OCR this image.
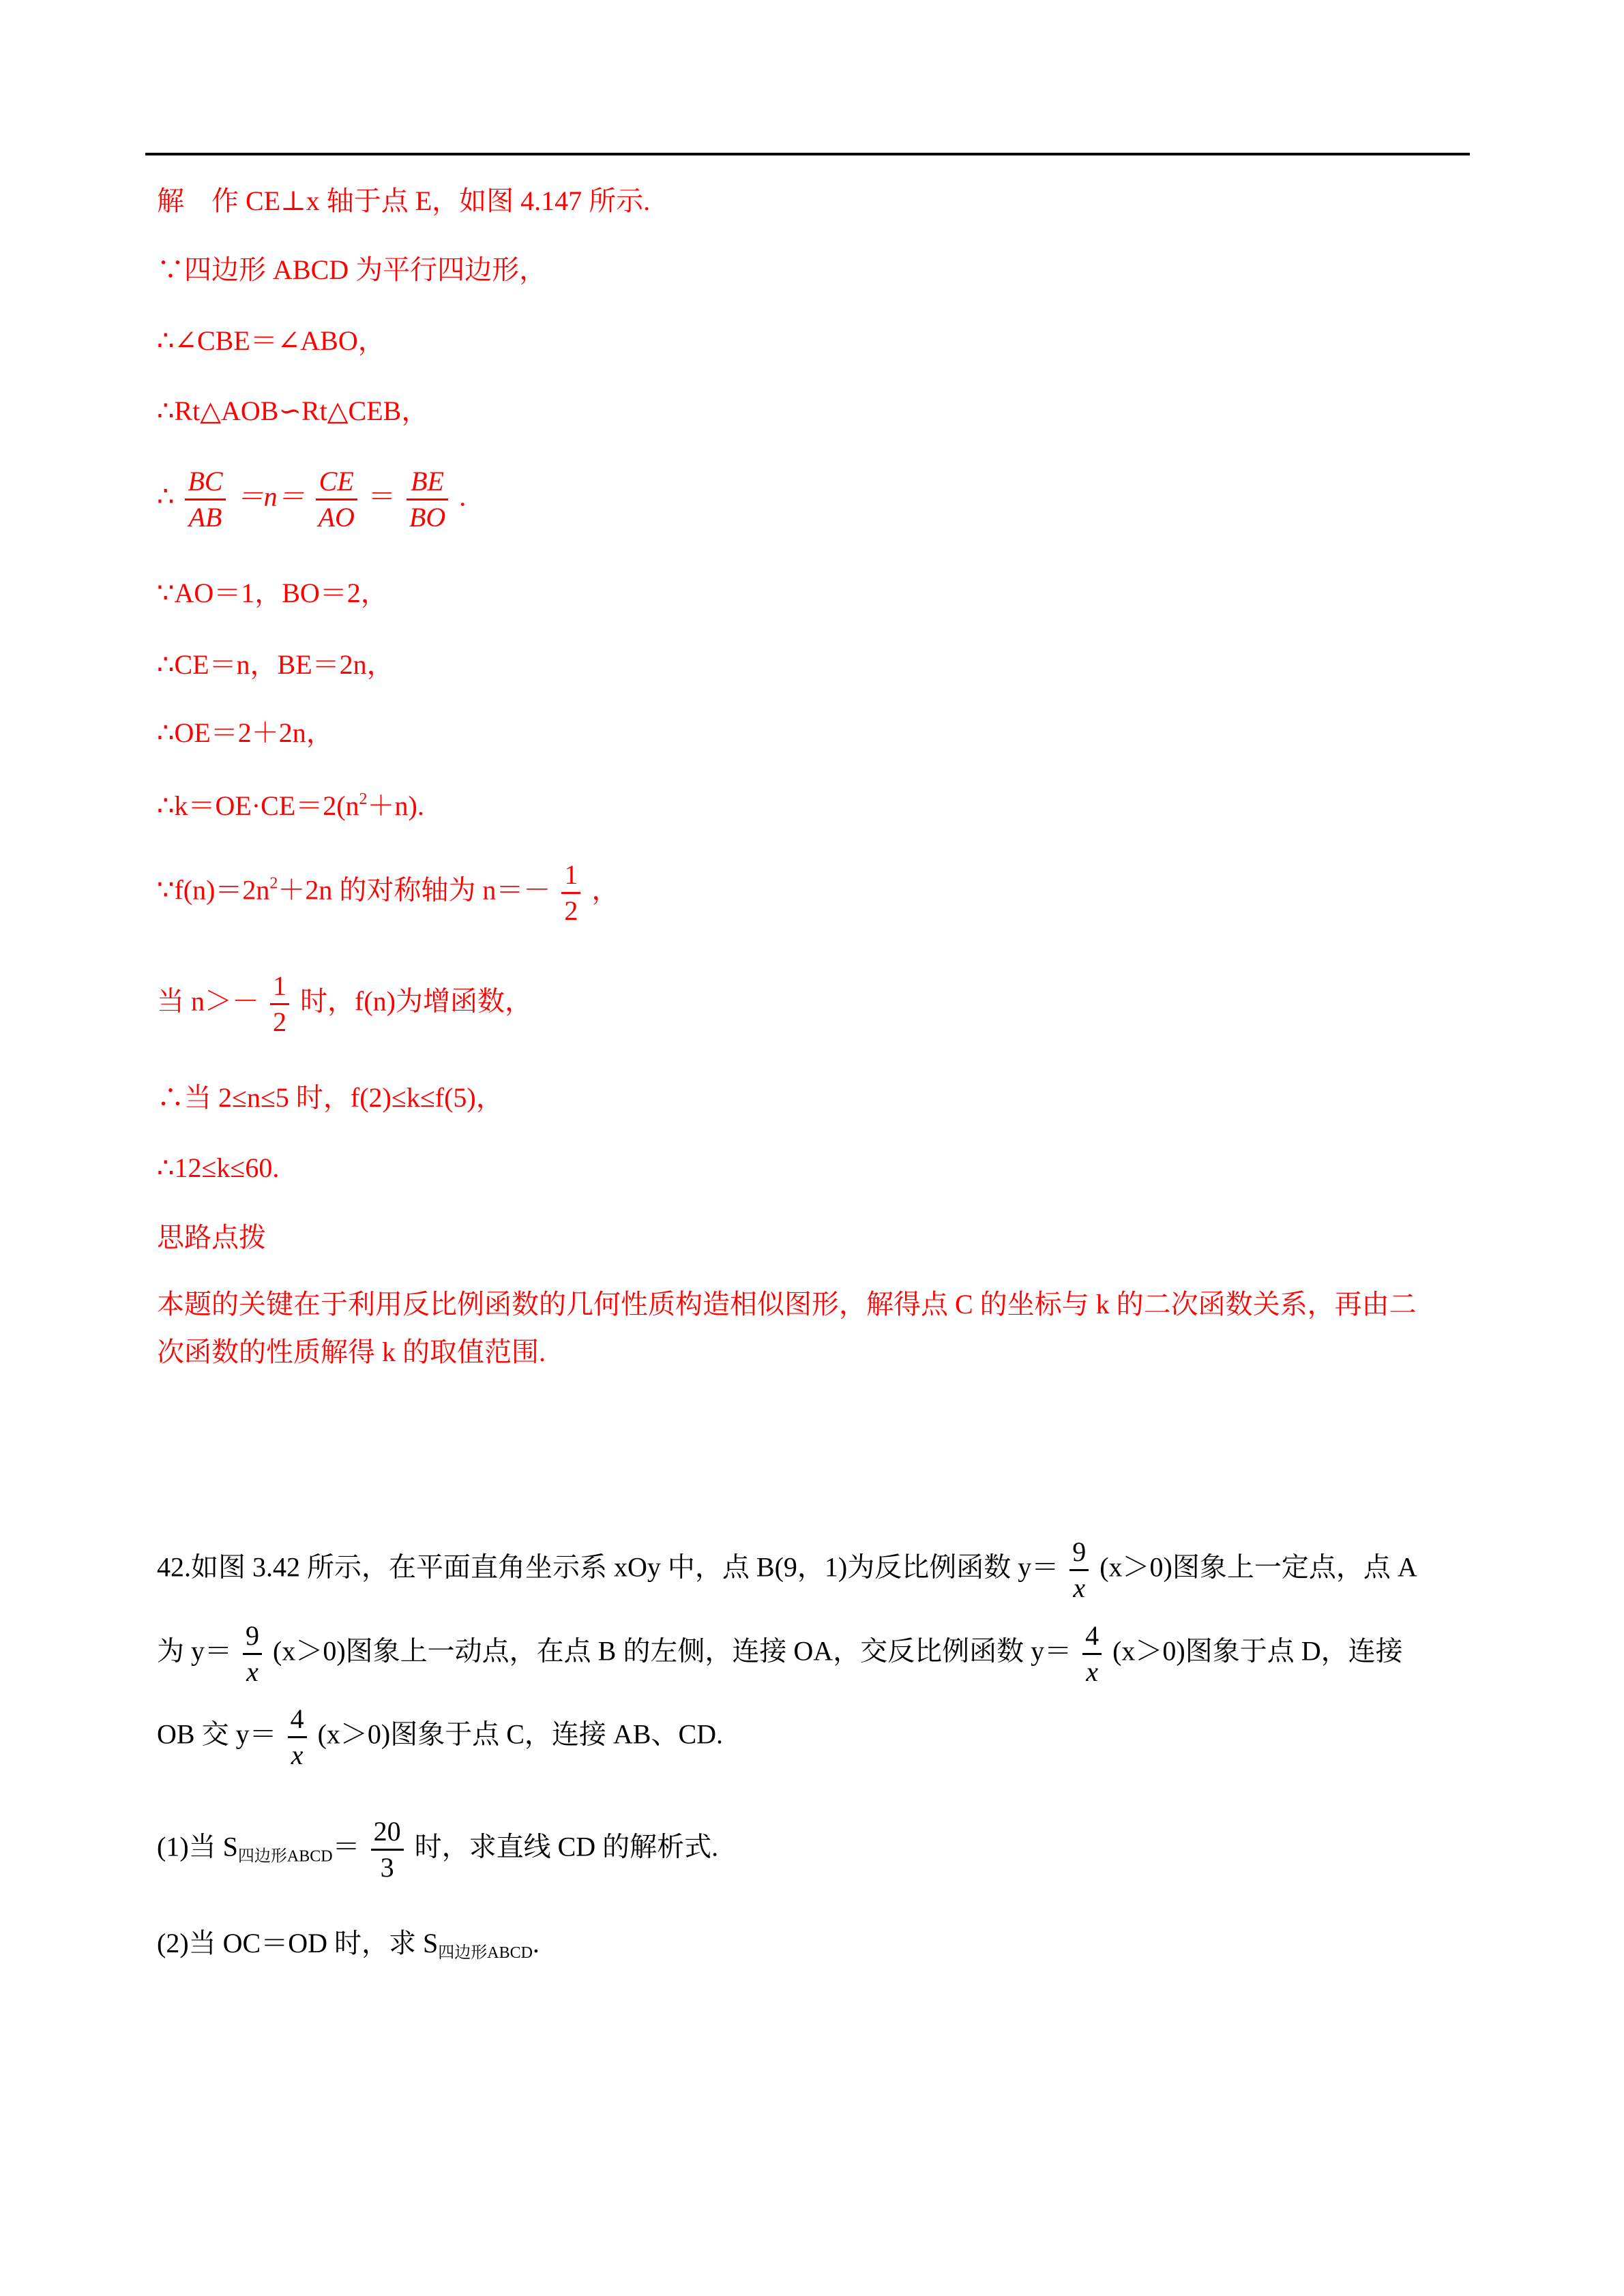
解　作 CE⊥x 轴于点 E，如图 4.147 所示.
∵四边形 ABCD 为平行四边形，
∴∠CBE＝∠ABO，
∴Rt△AOB∽Rt△CEB，
∴ $\frac{BC}{AB} =n= \frac{CE}{AO} = \frac{BE}{BO}$ .
∵AO＝1，BO＝2，
∴CE＝n，BE＝2n，
∴OE＝2＋2n，
$\therefore k=OE\cdot CE=2(n^2+n)$.
$\because f(n)=2n^2+2n$ 的对称轴为 $n=- \frac{1}{2}$ ，
当 $n>- \frac{1}{2}$ 时，f(n)为增函数，
∴当 2≤n≤5 时，f(2)≤k≤f(5)，
∴12≤k≤60.
思路点拨
本题的关键在于利用反比例函数的几何性质构造相似图形，解得点 C 的坐标与 k 的二次函数关系，再由二
次函数的性质解得 k 的取值范围.
42.如图 3.42 所示，在平面直角坐示系 xOy 中，点 B(9，1)为反比例函数 $y= \frac{9}{x} (x>0)$图象上一定点，点 A
为 $y= \frac{9}{x} (x>0)$图象上一动点，在点 B 的左侧，连接 OA，交反比例函数 $y= \frac{4}{x} (x>0)$图象于点 D，连接
OB 交 $y= \frac{4}{x} (x>0)$图象于点 C，连接 AB、CD.
(1)当 $S_{四边形ABCD}= \frac{20}{3}$ 时，求直线 CD 的解析式.
(2)当 OC＝OD 时，求 $S_{四边形ABCD}$.
